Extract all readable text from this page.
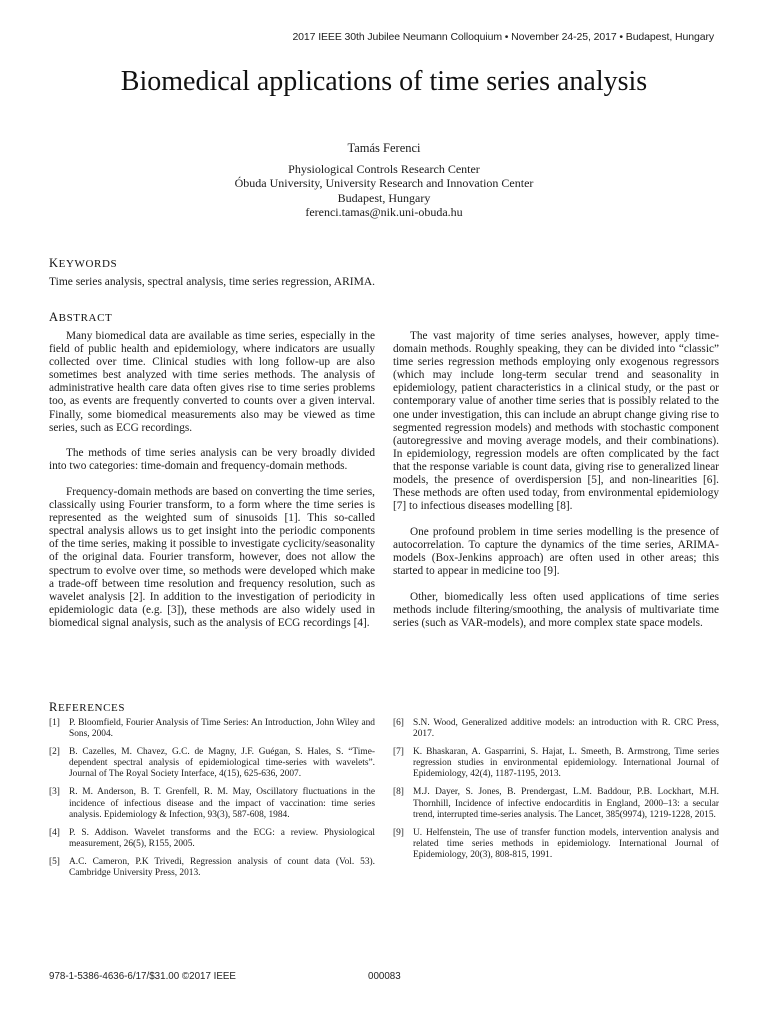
2017 IEEE 30th Jubilee Neumann Colloquium • November 24-25, 2017 • Budapest, Hungary
Biomedical applications of time series analysis
Tamás Ferenci
Physiological Controls Research Center
Óbuda University, University Research and Innovation Center
Budapest, Hungary
ferenci.tamas@nik.uni-obuda.hu
KEYWORDS
Time series analysis, spectral analysis, time series regression, ARIMA.
ABSTRACT

Many biomedical data are available as time series, especially in the field of public health and epidemiology, where indicators are usually collected over time. Clinical studies with long follow-up are also sometimes best analyzed with time series methods. The analysis of administrative health care data often gives rise to time series problems too, as events are frequently converted to counts over a given interval. Finally, some biomedical measurements also may be viewed as time series, such as ECG recordings.

The methods of time series analysis can be very broadly divided into two categories: time-domain and frequency-domain methods.

Frequency-domain methods are based on converting the time series, classically using Fourier transform, to a form where the time series is represented as the weighted sum of sinusoids [1]. This so-called spectral analysis allows us to get insight into the periodic components of the time series, making it possible to investigate cyclicity/seasonality of the original data. Fourier transform, however, does not allow the spectrum to evolve over time, so methods were developed which make a trade-off between time resolution and frequency resolution, such as wavelet analysis [2]. In addition to the investigation of periodicity in epidemiologic data (e.g. [3]), these methods are also widely used in biomedical signal analysis, such as the analysis of ECG recordings [4].

The vast majority of time series analyses, however, apply time-domain methods. Roughly speaking, they can be divided into “classic” time series regression methods employing only exogenous regressors (which may include long-term secular trend and seasonality in epidemiology, patient characteristics in a clinical study, or the past or contemporary value of another time series that is possibly related to the one under investigation, this can include an abrupt change giving rise to segmented regression models) and methods with stochastic component (autoregressive and moving average models, and their combinations). In epidemiology, regression models are often complicated by the fact that the response variable is count data, giving rise to generalized linear models, the presence of overdispersion [5], and non-linearities [6]. These methods are often used today, from environmental epidemiology [7] to infectious diseases modelling [8].

One profound problem in time series modelling is the presence of autocorrelation. To capture the dynamics of the time series, ARIMA-models (Box-Jenkins approach) are often used in other areas; this started to appear in medicine too [9].

Other, biomedically less often used applications of time series methods include filtering/smoothing, the analysis of multivariate time series (such as VAR-models), and more complex state space models.

REFERENCES
[1] P. Bloomfield, Fourier Analysis of Time Series: An Introduction, John Wiley and Sons, 2004.
[2] B. Cazelles, M. Chavez, G.C. de Magny, J.F. Guégan, S. Hales, S. “Time-dependent spectral analysis of epidemiological time-series with wavelets”. Journal of The Royal Society Interface, 4(15), 625-636, 2007.
[3] R. M. Anderson, B. T. Grenfell, R. M. May, Oscillatory fluctuations in the incidence of infectious disease and the impact of vaccination: time series analysis. Epidemiology & Infection, 93(3), 587-608, 1984.
[4] P. S. Addison. Wavelet transforms and the ECG: a review. Physiological measurement, 26(5), R155, 2005.
[5] A.C. Cameron, P.K Trivedi, Regression analysis of count data (Vol. 53). Cambridge University Press, 2013.
[6] S.N. Wood, Generalized additive models: an introduction with R. CRC Press, 2017.
[7] K. Bhaskaran, A. Gasparrini, S. Hajat, L. Smeeth, B. Armstrong, Time series regression studies in environmental epidemiology. International Journal of Epidemiology, 42(4), 1187-1195, 2013.
[8] M.J. Dayer, S. Jones, B. Prendergast, L.M. Baddour, P.B. Lockhart, M.H. Thornhill, Incidence of infective endocarditis in England, 2000–13: a secular trend, interrupted time-series analysis. The Lancet, 385(9974), 1219-1228, 2015.
[9] U. Helfenstein, The use of transfer function models, intervention analysis and related time series methods in epidemiology. International Journal of Epidemiology, 20(3), 808-815, 1991.
978-1-5386-4636-6/17/$31.00 ©2017 IEEE	000083
